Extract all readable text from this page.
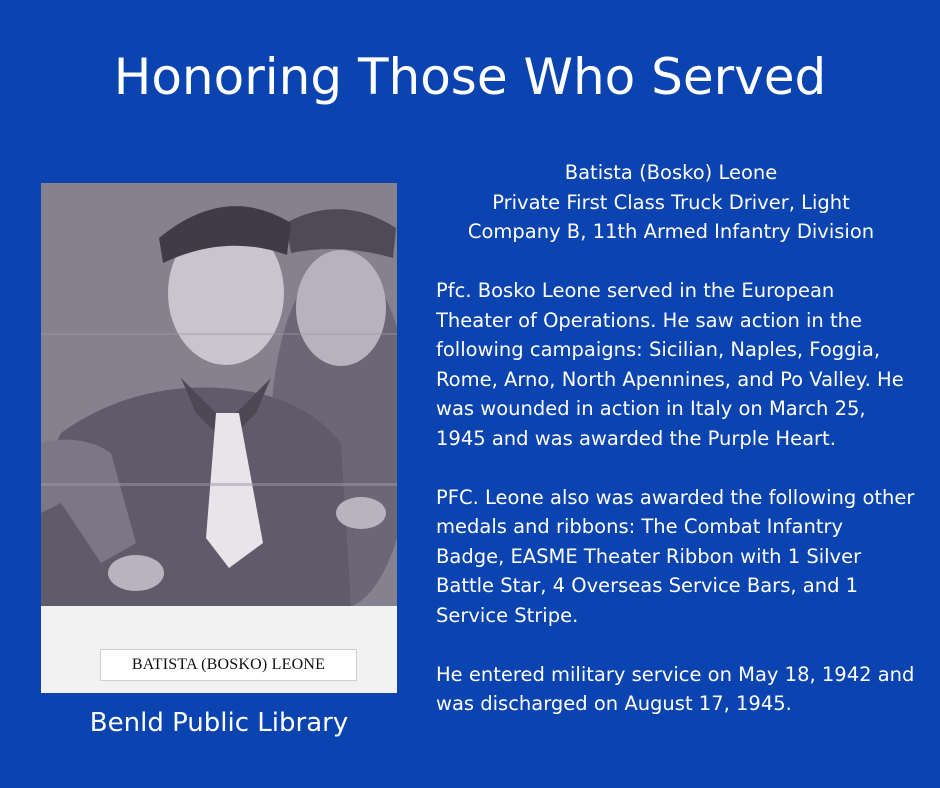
Honoring Those Who Served
BATISTA (BOSKO) LEONE
Benld Public Library
Batista (Bosko) Leone
Private First Class Truck Driver, Light
Company B, 11th Armed Infantry Division
Pfc. Bosko Leone served in the European Theater of Operations. He saw action in the following campaigns: Sicilian, Naples, Foggia, Rome, Arno, North Apennines, and Po Valley. He was wounded in action in Italy on March 25, 1945 and was awarded the Purple Heart.
PFC. Leone also was awarded the following other medals and ribbons: The Combat Infantry Badge, EASME Theater Ribbon with 1 Silver Battle Star, 4 Overseas Service Bars, and 1 Service Stripe.
He entered military service on May 18, 1942 and was discharged on August 17, 1945.
